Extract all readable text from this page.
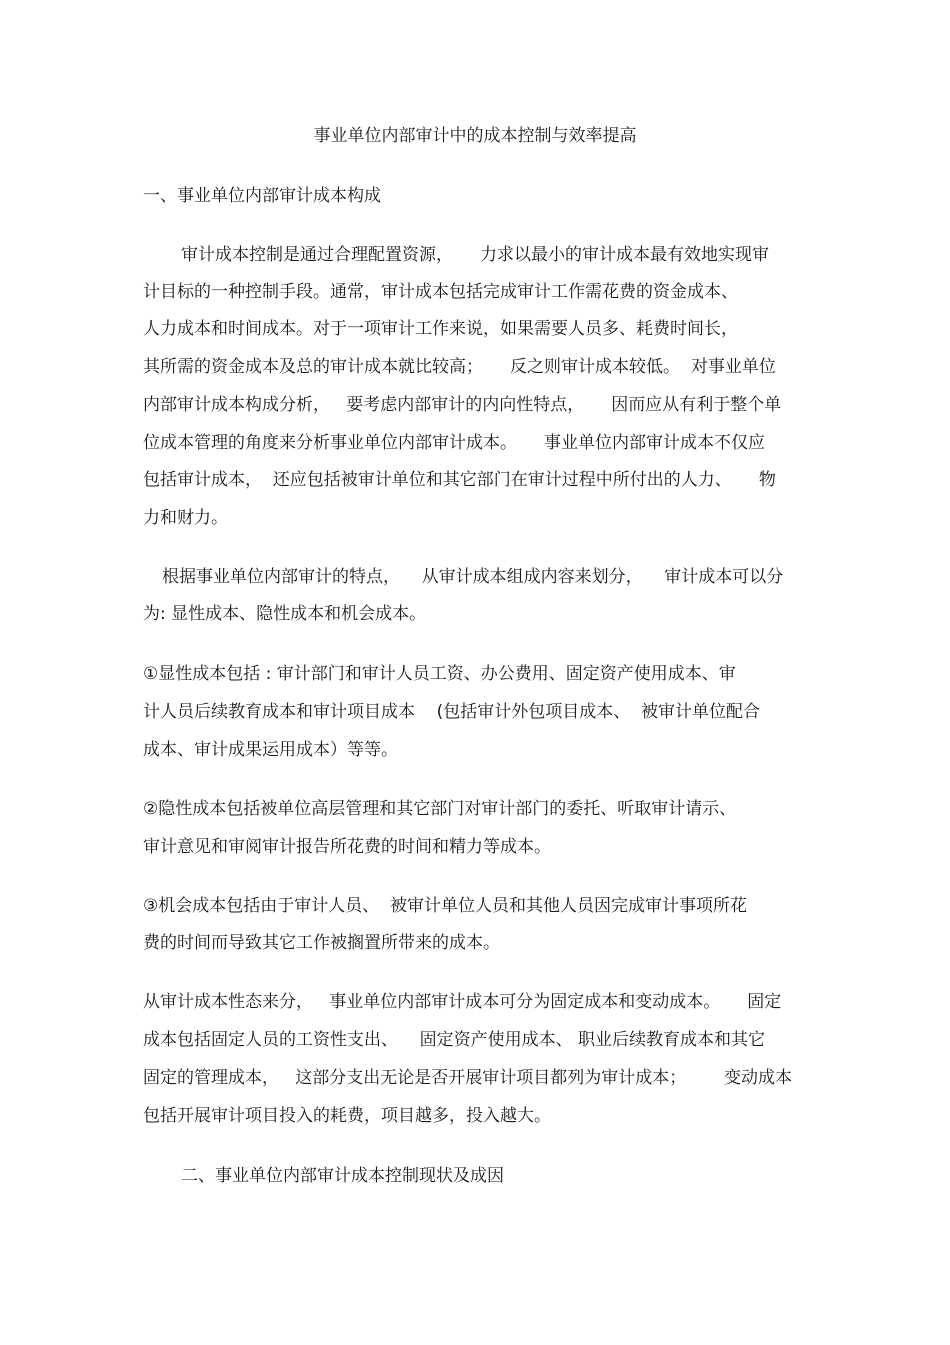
事业单位内部审计中的成本控制与效率提高
一、事业单位内部审计成本构成
审计成本控制是通过合理配置资源，     力求以最小的审计成本最有效地实现审
计目标的一种控制手段。通常，审计成本包括完成审计工作需花费的资金成本、
人力成本和时间成本。对于一项审计工作来说，如果需要人员多、耗费时间长，
其所需的资金成本及总的审计成本就比较高；     反之则审计成本较低。  对事业单位
内部审计成本构成分析，   要考虑内部审计的内向性特点，     因而应从有利于整个单
位成本管理的角度来分析事业单位内部审计成本。     事业单位内部审计成本不仅应
包括审计成本，  还应包括被审计单位和其它部门在审计过程中所付出的人力、     物
力和财力。
根据事业单位内部审计的特点，    从审计成本组成内容来划分，    审计成本可以分
为: 显性成本、隐性成本和机会成本。
①显性成本包括 : 审计部门和审计人员工资、办公费用、固定资产使用成本、审
计人员后续教育成本和审计项目成本    (包括审计外包项目成本、  被审计单位配合
成本、审计成果运用成本）等等。
②隐性成本包括被单位高层管理和其它部门对审计部门的委托、听取审计请示、
审计意见和审阅审计报告所花费的时间和精力等成本。
③机会成本包括由于审计人员、  被审计单位人员和其他人员因完成审计事项所花
费的时间而导致其它工作被搁置所带来的成本。
从审计成本性态来分，   事业单位内部审计成本可分为固定成本和变动成本。     固定
成本包括固定人员的工资性支出、    固定资产使用成本、 职业后续教育成本和其它
固定的管理成本，   这部分支出无论是否开展审计项目都列为审计成本；       变动成本
包括开展审计项目投入的耗费，项目越多，投入越大。
二、事业单位内部审计成本控制现状及成因
